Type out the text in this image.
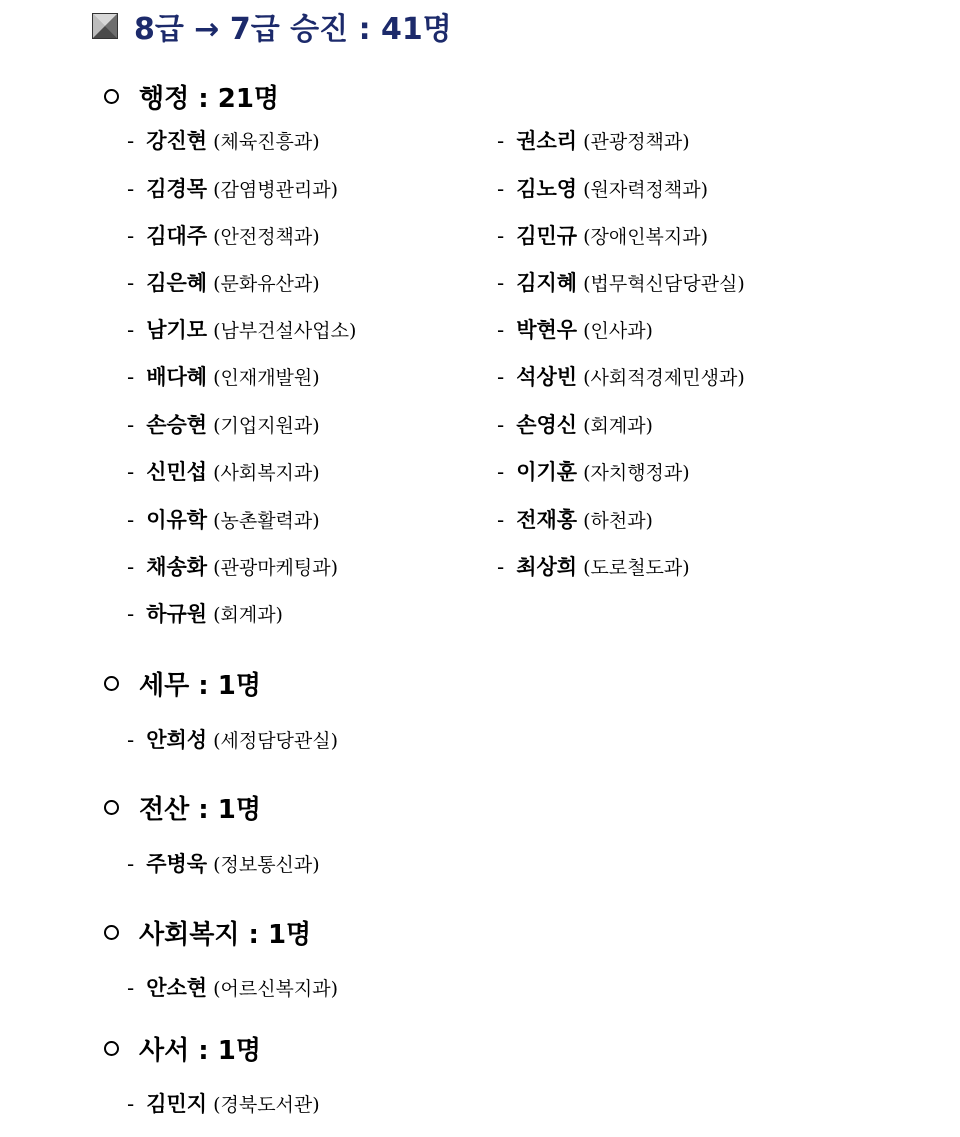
8급 → 7급 승진 : 41명
행정 : 21명
- 강진현 (체육진흥과)	- 권소리 (관광정책과)
- 김경목 (감염병관리과)	- 김노영 (원자력정책과)
- 김대주 (안전정책과)	- 김민규 (장애인복지과)
- 김은혜 (문화유산과)	- 김지혜 (법무혁신담당관실)
- 남기모 (남부건설사업소)	- 박현우 (인사과)
- 배다혜 (인재개발원)	- 석상빈 (사회적경제민생과)
- 손승현 (기업지원과)	- 손영신 (회계과)
- 신민섭 (사회복지과)	- 이기훈 (자치행정과)
- 이유학 (농촌활력과)	- 전재홍 (하천과)
- 채송화 (관광마케팅과)	- 최상희 (도로철도과)
- 하규원 (회계과)
세무 : 1명
- 안희성 (세정담당관실)
전산 : 1명
- 주병욱 (정보통신과)
사회복지 : 1명
- 안소현 (어르신복지과)
사서 : 1명
- 김민지 (경북도서관)
